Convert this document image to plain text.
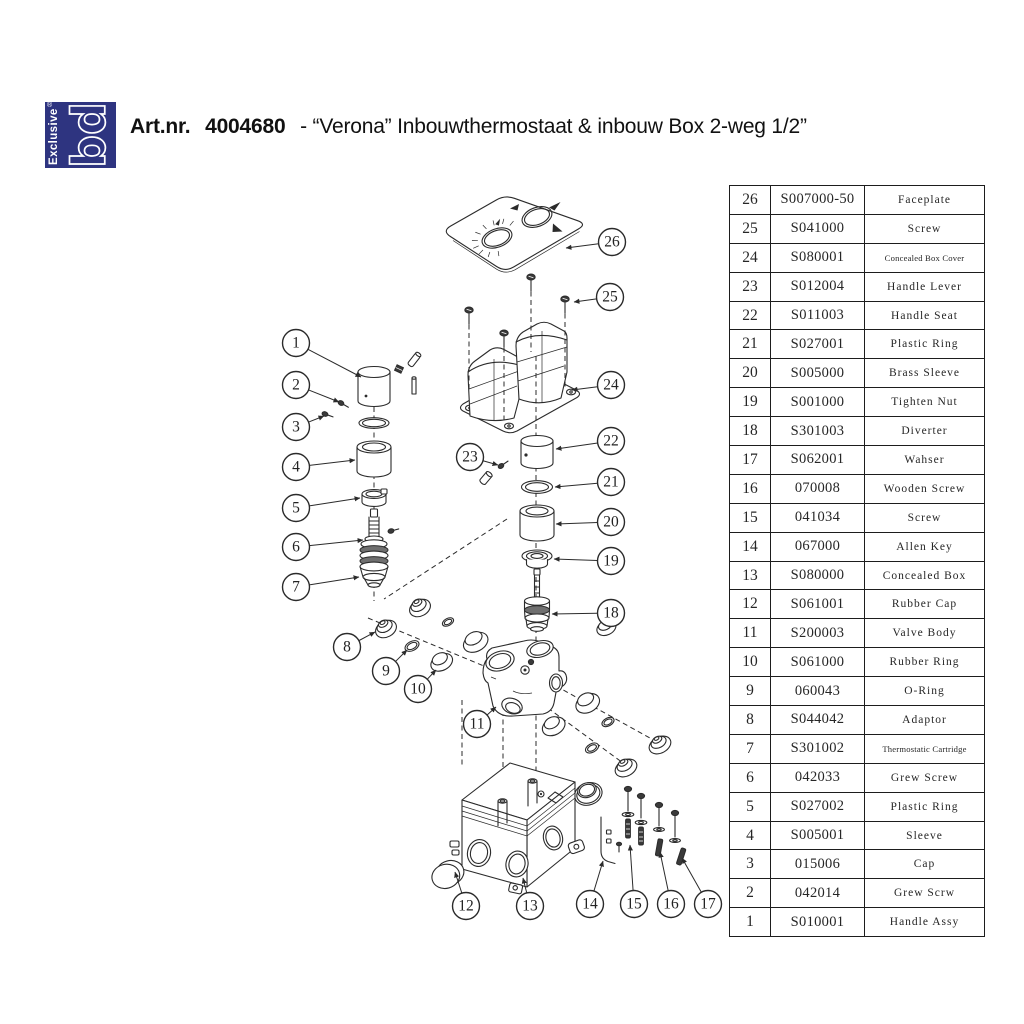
®
Exclusive bd Art.nr. 4004680 - “Verona” Inbouwthermostaat & inbouw Box 2-weg 1/2”
26
25
24
23
22
21
20
19
18
1
2
3
4
5
6
7
8
9
10
11
12	13	14 15 16 17
26	S007000-50	Faceplate
25	S041000	Screw
24	S080001	Concealed Box Cover
23	S012004	Handle Lever
22	S011003	Handle Seat
21	S027001	Plastic Ring
20	S005000	Brass Sleeve
19	S001000	Tighten Nut
18	S301003	Diverter
17	S062001	Wahser
16	070008	Wooden Screw
15	041034	Screw
14	067000	Allen Key
13	S080000	Concealed Box
12	S061001	Rubber Cap
11	S200003	Valve Body
10	S061000	Rubber Ring
9	060043	O-Ring
8	S044042	Adaptor
7	S301002	Thermostatic Cartridge
6	042033	Grew Screw
5	S027002	Plastic Ring
4	S005001	Sleeve
3	015006	Cap
2	042014	Grew Scrw
1	S010001	Handle Assy
